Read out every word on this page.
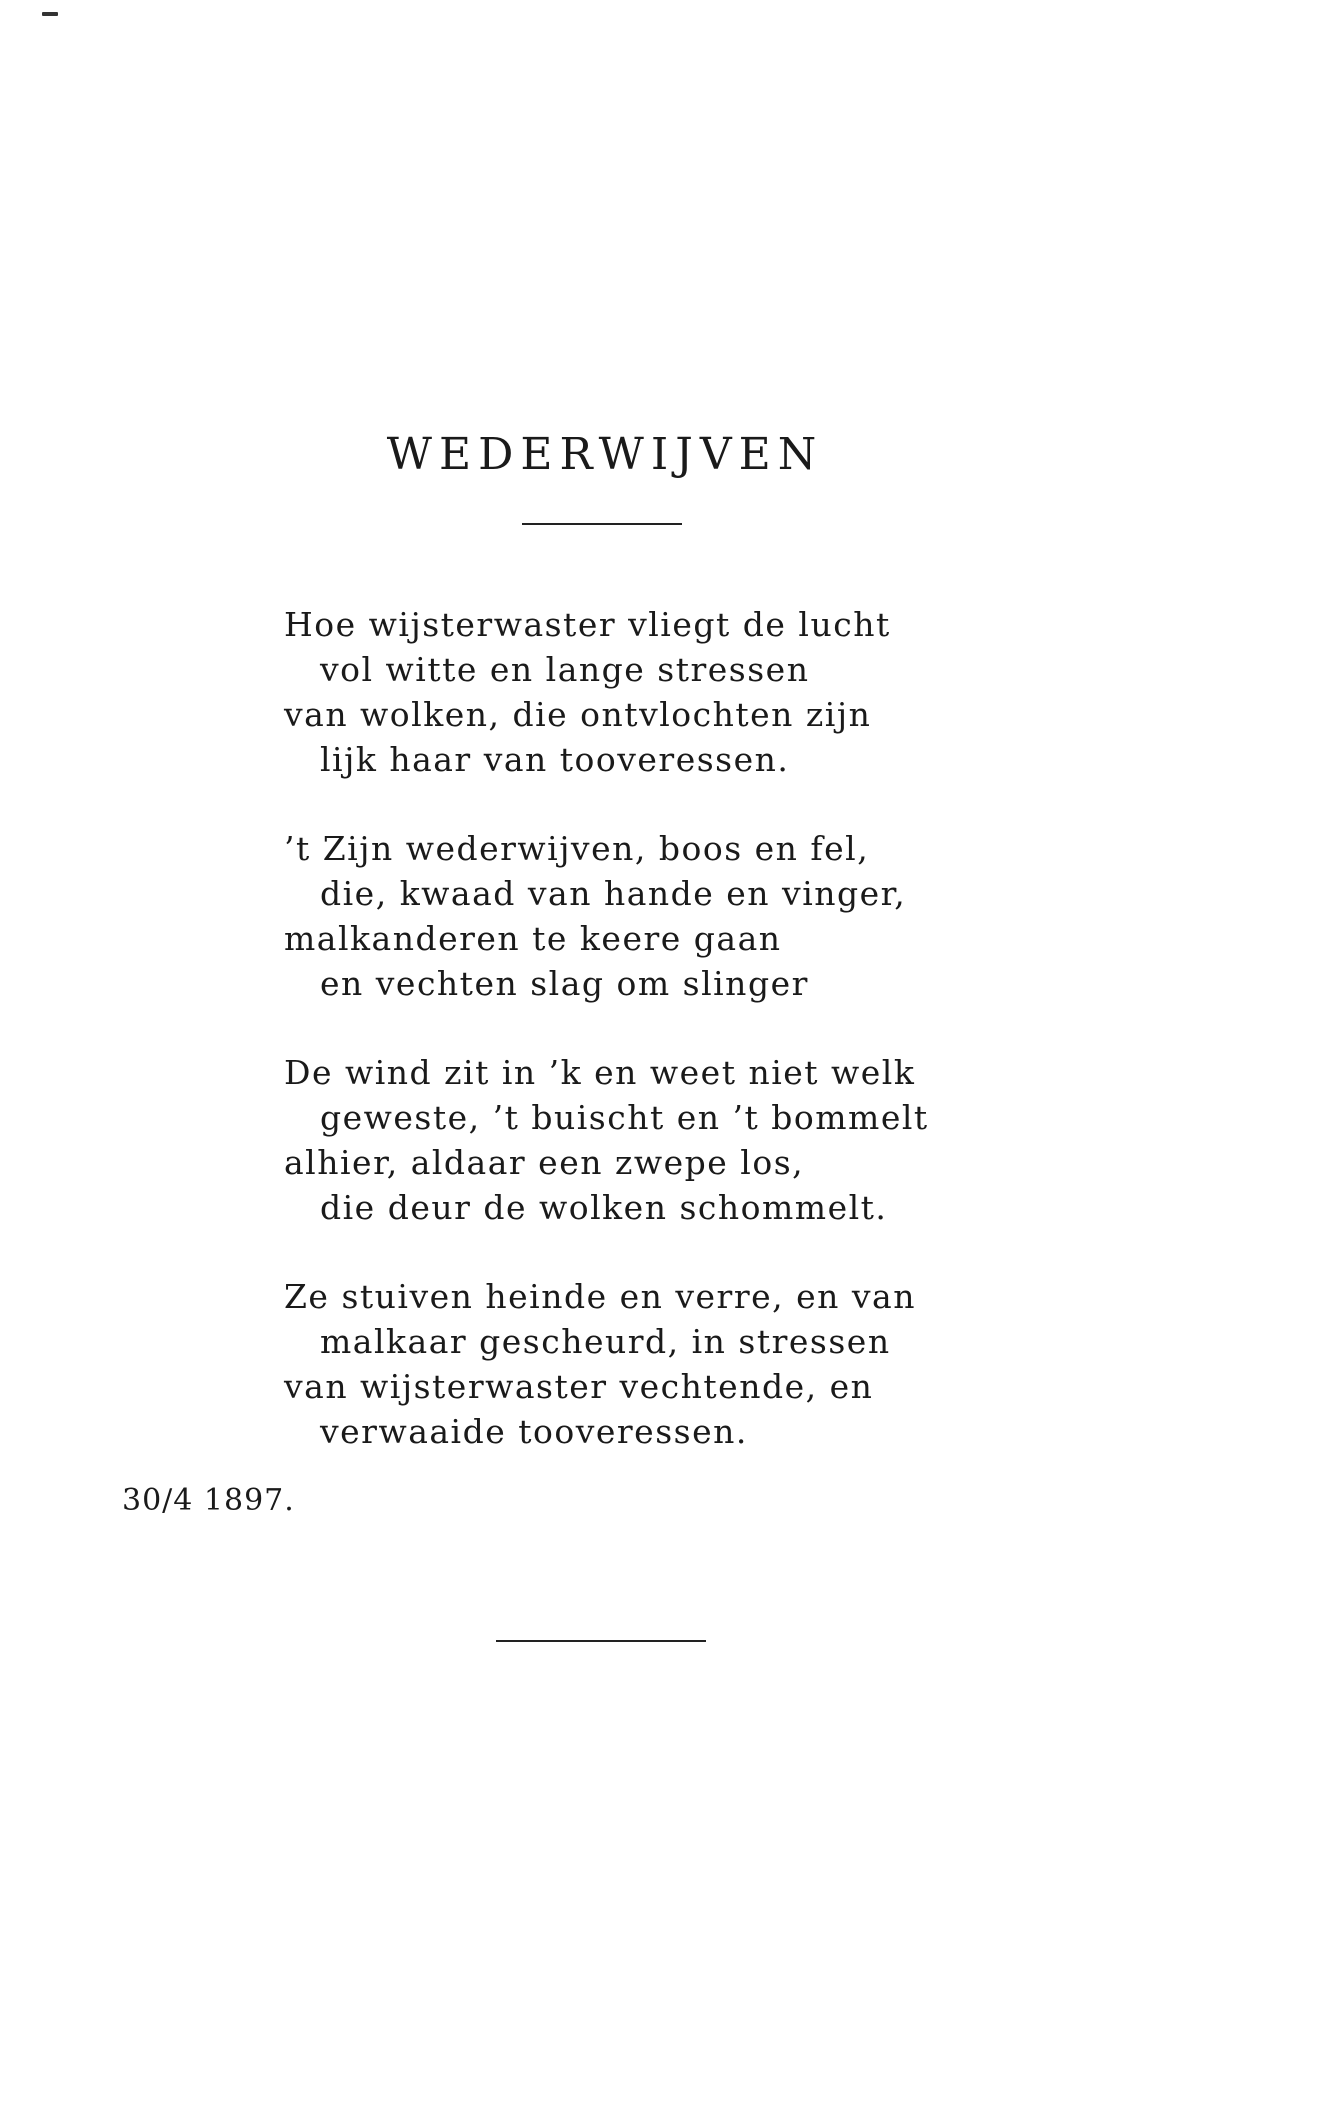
WEDERWIJVEN
Hoe wijsterwaster vliegt de lucht
vol witte en lange stressen
van wolken, die ontvlochten zijn
lijk haar van tooveressen.
’t Zijn wederwijven, boos en fel,
die, kwaad van hande en vinger,
malkanderen te keere gaan
en vechten slag om slinger
De wind zit in ’k en weet niet welk
geweste, ’t buischt en ’t bommelt
alhier, aldaar een zwepe los,
die deur de wolken schommelt.
Ze stuiven heinde en verre, en van
malkaar gescheurd, in stressen
van wijsterwaster vechtende, en
verwaaide tooveressen.
30/4 1897.
